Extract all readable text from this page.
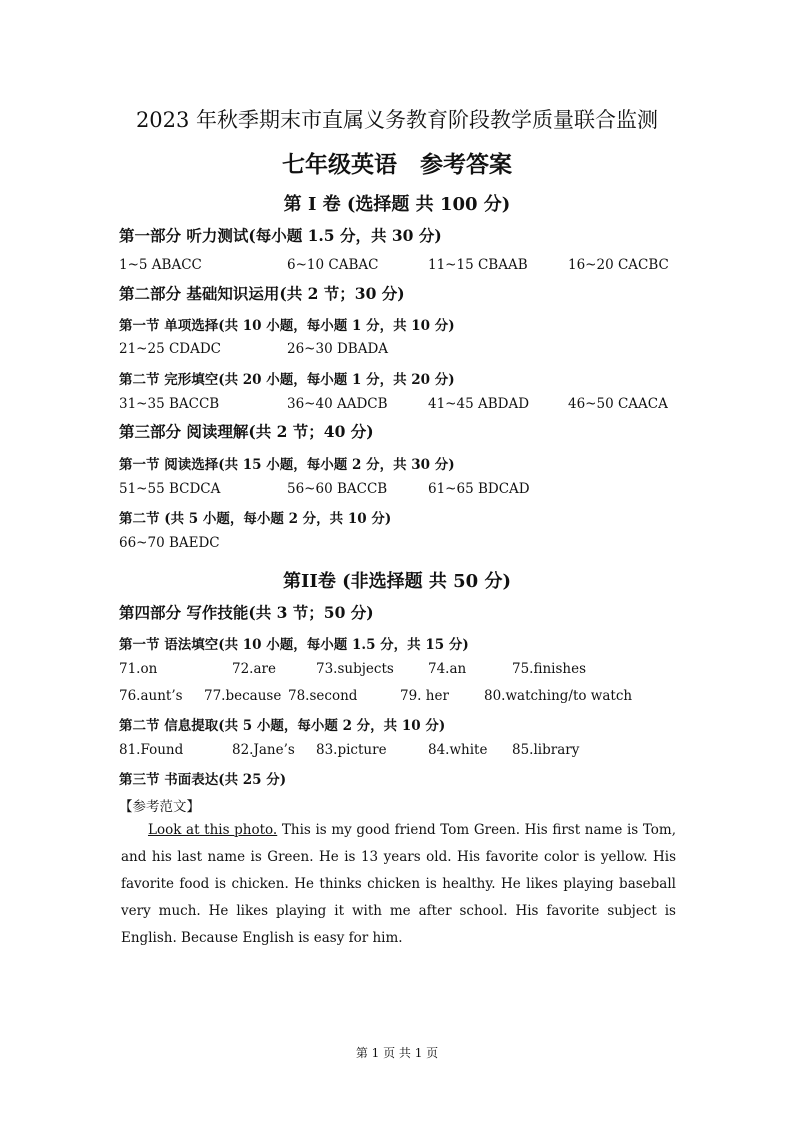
2023 年秋季期末市直属义务教育阶段教学质量联合监测
七年级英语　参考答案
第 I 卷 (选择题 共 100 分)
第一部分 听力测试(每小题 1.5 分，共 30 分)
1~5 ABACC	6~10 CABAC	11~15 CBAAB	16~20 CACBC
第二部分 基础知识运用(共 2 节；30 分)
第一节 单项选择(共 10 小题，每小题 1 分，共 10 分)
21~25 CDADC	26~30 DBADA
第二节 完形填空(共 20 小题，每小题 1 分，共 20 分)
31~35 BACCB	36~40 AADCB	41~45 ABDAD	46~50 CAACA
第三部分 阅读理解(共 2 节；40 分)
第一节 阅读选择(共 15 小题，每小题 2 分，共 30 分)
51~55 BCDCA	56~60 BACCB	61~65 BDCAD
第二节 (共 5 小题，每小题 2 分，共 10 分)
66~70 BAEDC
第II卷 (非选择题 共 50 分)
第四部分 写作技能(共 3 节；50 分)
第一节 语法填空(共 10 小题，每小题 1.5 分，共 15 分)
71.on	72.are	73.subjects	74.an	75.finishes
76.aunt’s 77.because 78.second	79. her	80.watching/to watch
第二节 信息提取(共 5 小题，每小题 2 分，共 10 分)
81.Found	82.Jane’s 83.picture	84.white 85.library
第三节 书面表达(共 25 分)
【参考范文】
Look at this photo. This is my good friend Tom Green. His first name is Tom, and his last name is Green. He is 13 years old. His favorite color is yellow. His favorite food is chicken. He thinks chicken is healthy. He likes playing baseball very much. He likes playing it with me after school. His favorite subject is English. Because English is easy for him.
第 1 页 共 1 页
